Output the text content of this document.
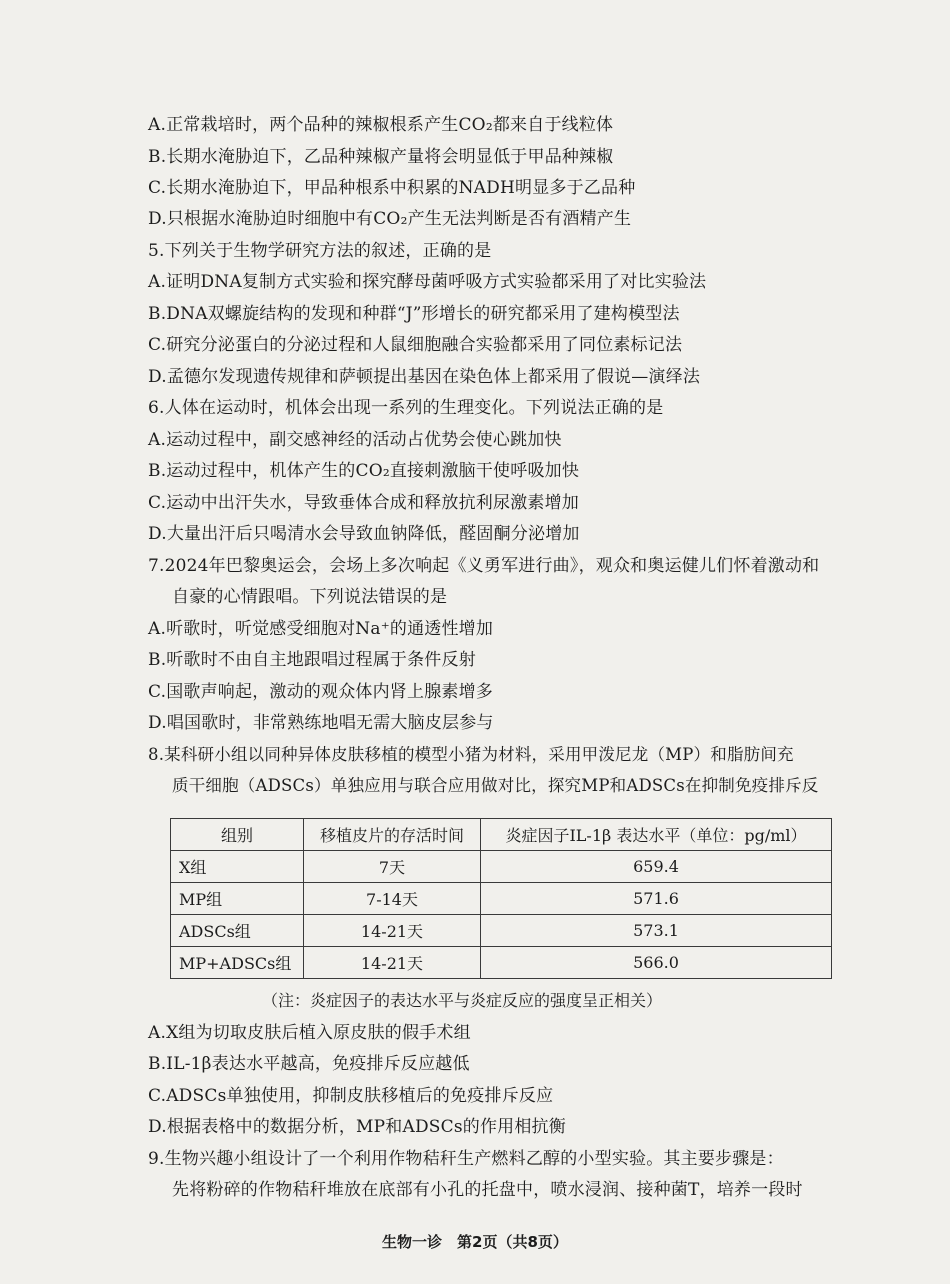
A.正常栽培时，两个品种的辣椒根系产生CO₂都来自于线粒体
B.长期水淹胁迫下，乙品种辣椒产量将会明显低于甲品种辣椒
C.长期水淹胁迫下，甲品种根系中积累的NADH明显多于乙品种
D.只根据水淹胁迫时细胞中有CO₂产生无法判断是否有酒精产生
5.下列关于生物学研究方法的叙述，正确的是
A.证明DNA复制方式实验和探究酵母菌呼吸方式实验都采用了对比实验法
B.DNA双螺旋结构的发现和种群“J”形增长的研究都采用了建构模型法
C.研究分泌蛋白的分泌过程和人鼠细胞融合实验都采用了同位素标记法
D.孟德尔发现遗传规律和萨顿提出基因在染色体上都采用了假说—演绎法
6.人体在运动时，机体会出现一系列的生理变化。下列说法正确的是
A.运动过程中，副交感神经的活动占优势会使心跳加快
B.运动过程中，机体产生的CO₂直接刺激脑干使呼吸加快
C.运动中出汗失水，导致垂体合成和释放抗利尿激素增加
D.大量出汗后只喝清水会导致血钠降低，醛固酮分泌增加
7.2024年巴黎奥运会，会场上多次响起《义勇军进行曲》，观众和奥运健儿们怀着激动和
自豪的心情跟唱。下列说法错误的是
A.听歌时，听觉感受细胞对Na⁺的通透性增加
B.听歌时不由自主地跟唱过程属于条件反射
C.国歌声响起，激动的观众体内肾上腺素增多
D.唱国歌时，非常熟练地唱无需大脑皮层参与
8.某科研小组以同种异体皮肤移植的模型小猪为材料，采用甲泼尼龙（MP）和脂肪间充
质干细胞（ADSCs）单独应用与联合应用做对比，探究MP和ADSCs在抑制免疫排斥反
组别	移植皮片的存活时间	炎症因子IL-1β 表达水平（单位：pg/ml）
X组	7天	659.4
MP组	7-14天	571.6
ADSCs组	14-21天	573.1
MP+ADSCs组	14-21天	566.0
（注：炎症因子的表达水平与炎症反应的强度呈正相关）
A.X组为切取皮肤后植入原皮肤的假手术组
B.IL-1β表达水平越高，免疫排斥反应越低
C.ADSCs单独使用，抑制皮肤移植后的免疫排斥反应
D.根据表格中的数据分析，MP和ADSCs的作用相抗衡
9.生物兴趣小组设计了一个利用作物秸秆生产燃料乙醇的小型实验。其主要步骤是：
先将粉碎的作物秸秆堆放在底部有小孔的托盘中，喷水浸润、接种菌T，培养一段时
生物一诊　第2页（共8页）
